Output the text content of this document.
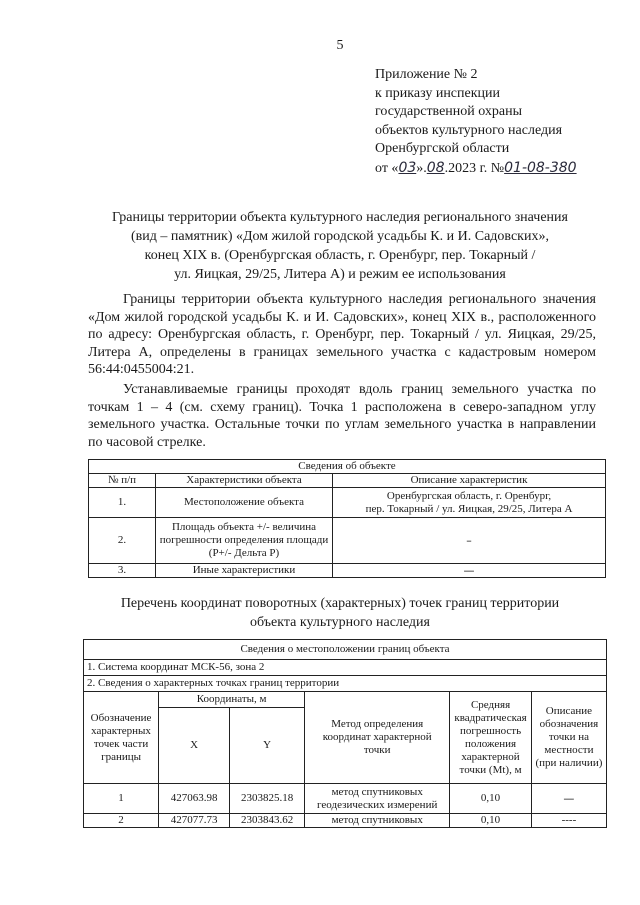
5
Приложение № 2
к приказу инспекции
государственной охраны
объектов культурного наследия
Оренбургской области
от «03».08.2023 г. №01-08-380
Границы территории объекта культурного наследия регионального значения
(вид – памятник) «Дом жилой городской усадьбы К. и И. Садовских»,
конец XIX в. (Оренбургская область, г. Оренбург, пер. Токарный /
ул. Яицкая, 29/25, Литера А) и режим ее использования
   Границы территории объекта культурного наследия регионального значения «Дом жилой городской усадьбы К. и И. Садовских», конец XIX в., расположенного по адресу: Оренбургская область, г. Оренбург, пер. Токарный / ул. Яицкая, 29/25, Литера А, определены в границах земельного участка с кадастровым номером 56:44:0455004:21.
   Устанавливаемые границы проходят вдоль границ земельного участка по точкам 1 – 4 (см. схему границ). Точка 1 расположена в северо-западном углу земельного участка. Остальные точки по углам земельного участка в направлении по часовой стрелке.
Сведения об объекте		
№ п/п	Характеристики объекта	Описание характеристик
1.	Местоположение объекта	Оренбургская область, г. Оренбург,
пер. Токарный / ул. Яицкая, 29/25, Литера А

2.	Площадь объекта +/- величина погрешности определения площади (Р+/- Дельта Р)	–
3.	Иные характеристики	—
Перечень координат поворотных (характерных) точек границ территории
объекта культурного наследия
Сведения о местоположении границ объекта					
1. Система координат МСК-56, зона 2					
2. Сведения о характерных точках границ территории					
Обозначение характерных точек части границы	Координаты, м		Метод определения координат характерной точки	Средняя квадратическая погрешность положения характерной точки (Mt), м	Описание обозначения точки на местности (при наличии)
	X	Y			
1	427063.98	2303825.18	метод спутниковых геодезических измерений	0,10	—
2	427077.73	2303843.62	метод спутниковых	0,10	----
